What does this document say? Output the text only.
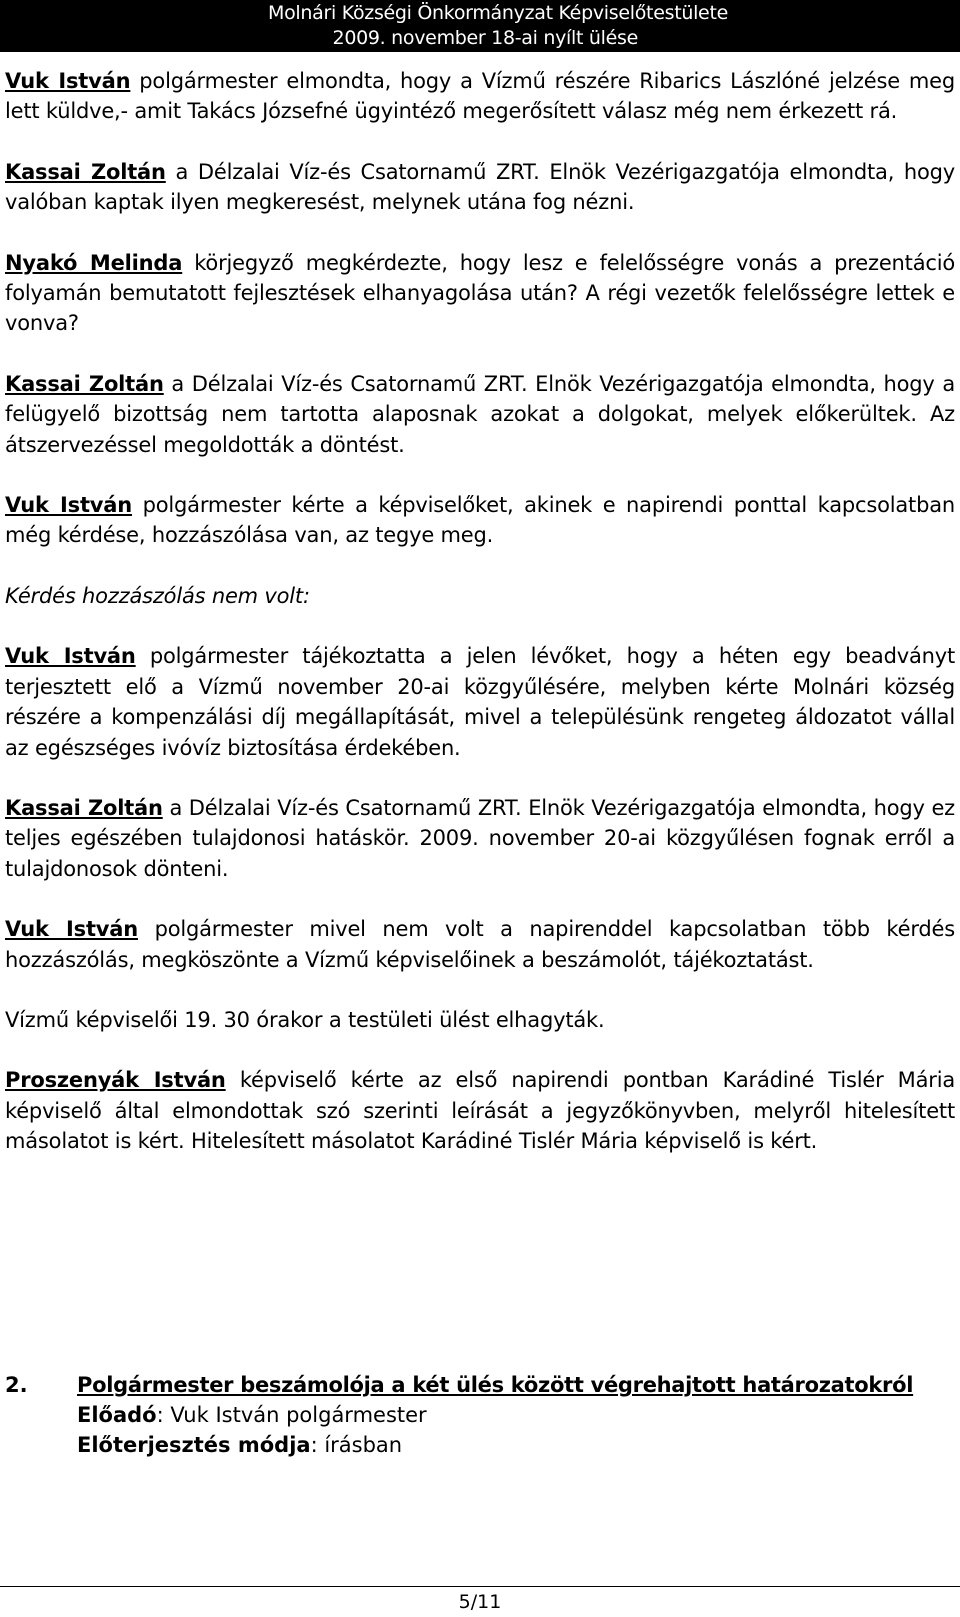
Molnári Községi Önkormányzat Képviselőtestülete
2009. november 18-ai nyílt ülése

Vuk István polgármester elmondta, hogy a Vízmű részére Ribarics Lászlóné jelzése meg lett küldve,- amit Takács Józsefné ügyintéző megerősített válasz még nem érkezett rá.

Kassai Zoltán a Délzalai Víz-és Csatornamű ZRT. Elnök Vezérigazgatója elmondta, hogy valóban kaptak ilyen megkeresést, melynek utána fog nézni.

Nyakó Melinda körjegyző megkérdezte, hogy lesz e felelősségre vonás a prezentáció folyamán bemutatott fejlesztések elhanyagolása után? A régi vezetők felelősségre lettek e vonva?

Kassai Zoltán a Délzalai Víz-és Csatornamű ZRT. Elnök Vezérigazgatója elmondta, hogy a felügyelő bizottság nem tartotta alaposnak azokat a dolgokat, melyek előkerültek. Az átszervezéssel megoldották a döntést.

Vuk István polgármester kérte a képviselőket, akinek e napirendi ponttal kapcsolatban még kérdése, hozzászólása van, az tegye meg.

Kérdés hozzászólás nem volt:

Vuk István polgármester tájékoztatta a jelen lévőket, hogy a héten egy beadványt terjesztett elő a Vízmű november 20-ai közgyűlésére, melyben kérte Molnári község részére a kompenzálási díj megállapítását, mivel a településünk rengeteg áldozatot vállal az egészséges ivóvíz biztosítása érdekében.

Kassai Zoltán a Délzalai Víz-és Csatornamű ZRT. Elnök Vezérigazgatója elmondta, hogy ez teljes egészében tulajdonosi hatáskör. 2009. november 20-ai közgyűlésen fognak erről a tulajdonosok dönteni.

Vuk István polgármester mivel nem volt a napirenddel kapcsolatban több kérdés hozzászólás, megköszönte a Vízmű képviselőinek a beszámolót, tájékoztatást.

Vízmű képviselői 19. 30 órakor a testületi ülést elhagyták.

Proszenyák István képviselő kérte az első napirendi pontban Karádiné Tislér Mária képviselő által elmondottak szó szerinti leírását a jegyzőkönyvben, melyről hitelesített másolatot is kért. Hitelesített másolatot Karádiné Tislér Mária képviselő is kért.

2. Polgármester beszámolója a két ülés között végrehajtott határozatokról
Előadó: Vuk István polgármester
Előterjesztés módja: írásban
5/11
